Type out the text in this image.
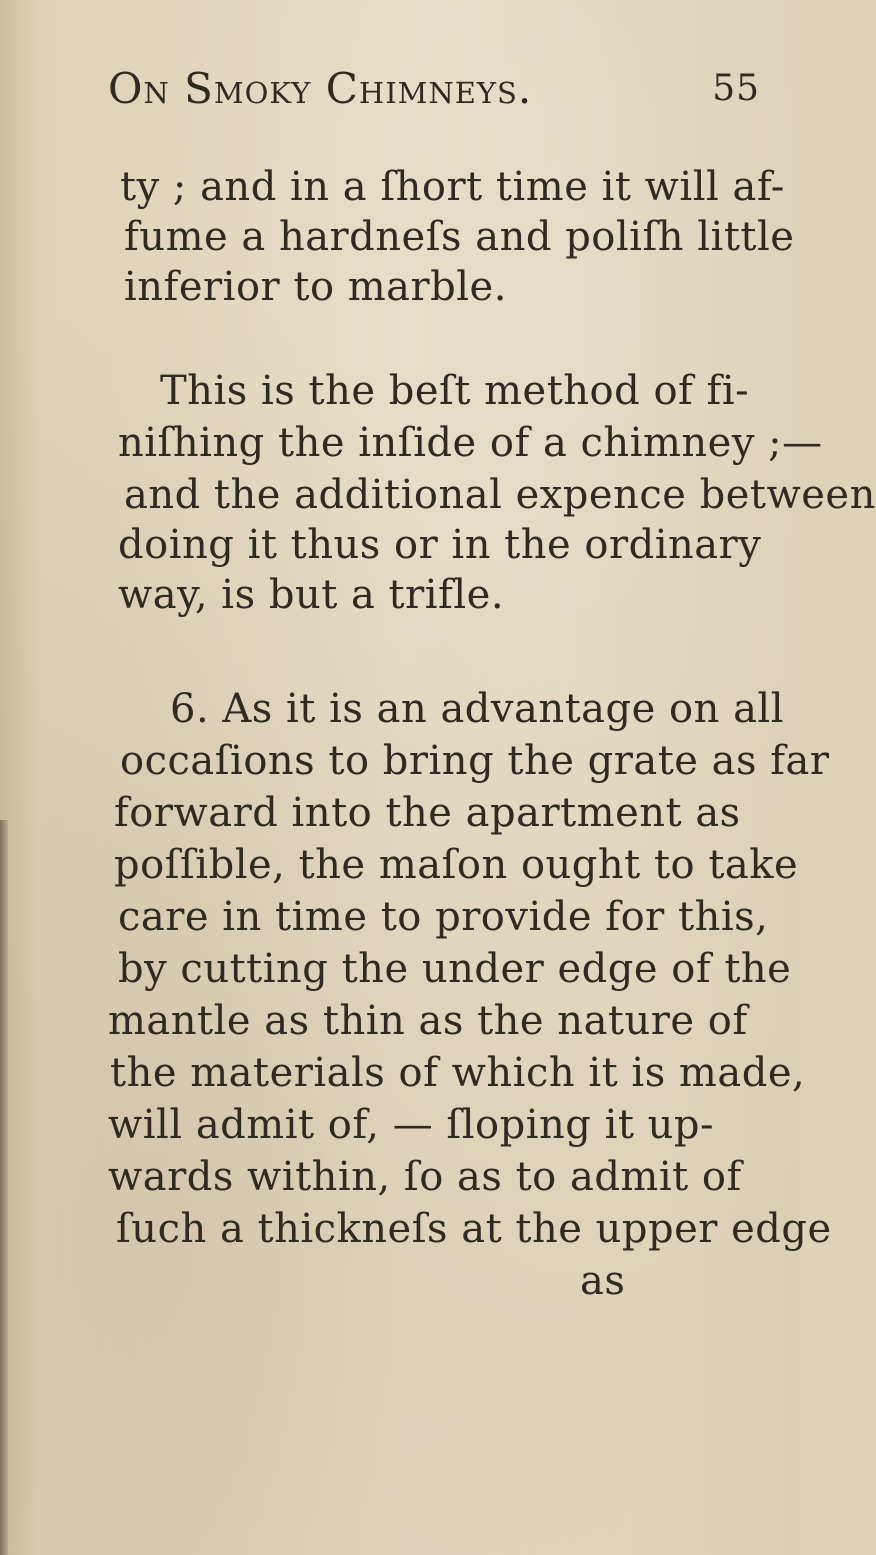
On Smoky Chimneys.	55
ty ; and in a ſhort time it will af-
fume a hardneſs and poliſh little
inferior to marble.
This is the beſt method of fi-
niſhing the inſide of a chimney ;—
and the additional expence between
doing it thus or in the ordinary
way, is but a trifle.
6. As it is an advantage on all
occaſions to bring the grate as far
forward into the apartment as
poſſible, the maſon ought to take
care in time to provide for this,
by cutting the under edge of the
mantle as thin as the nature of
the materials of which it is made,
will admit of, — ſloping it up-
wards within, ſo as to admit of
ſuch a thickneſs at the upper edge
as
